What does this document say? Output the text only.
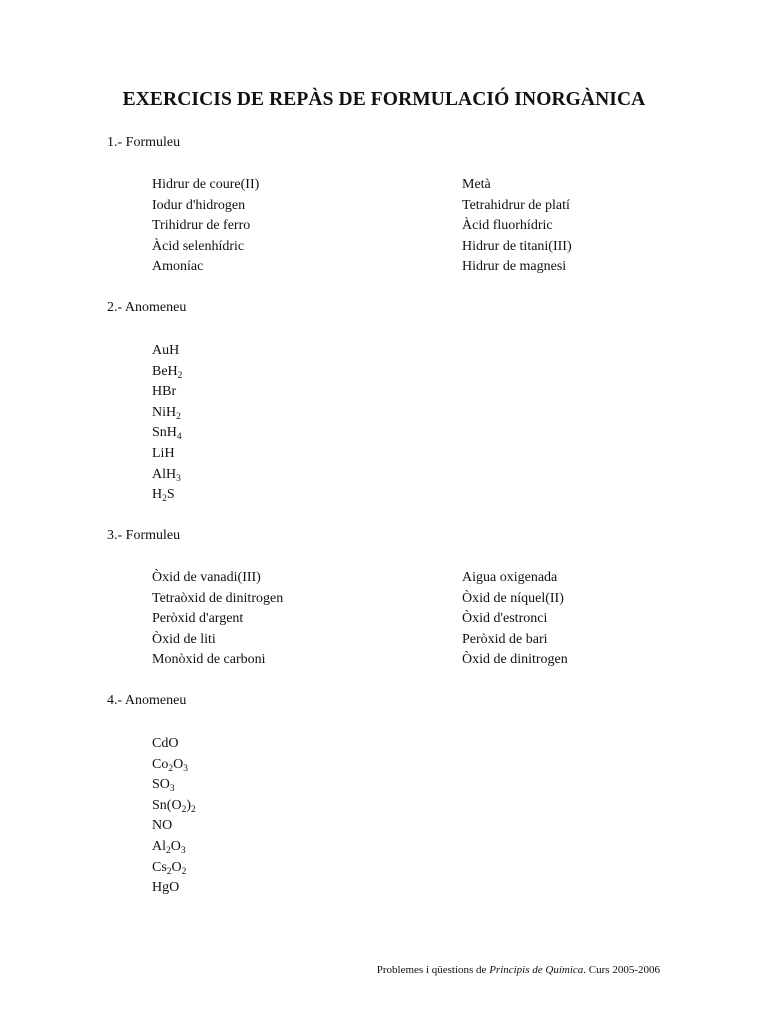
EXERCICIS DE REPÀS DE FORMULACIÓ INORGÀNICA
1.- Formuleu
Hidrur de coure(II)
Iodur d'hidrogen
Trihidrur de ferro
Àcid selenhídric
Amoníac
Metà
Tetrahidrur de platí
Àcid fluorhídric
Hidrur de titani(III)
Hidrur de magnesi
2.- Anomeneu
AuH
BeH$_2$
HBr
NiH$_2$
SnH$_4$
LiH
AlH$_3$
$H_2S$
3.- Formuleu
Òxid de vanadi(III)
Tetraòxid de dinitrogen
Peròxid d'argent
Òxid de liti
Monòxid de carboni
Aigua oxigenada
Òxid de níquel(II)
Òxid d'estronci
Peròxid de bari
Òxid de dinitrogen
4.- Anomeneu
CdO
$Co_2O_3$
$SO_3$
$Sn(O_2)_2$
NO
$Al_2O_3$
$Cs_2O_2$
HgO
Problemes i qüestions de Principis de Química. Curs 2005-2006
